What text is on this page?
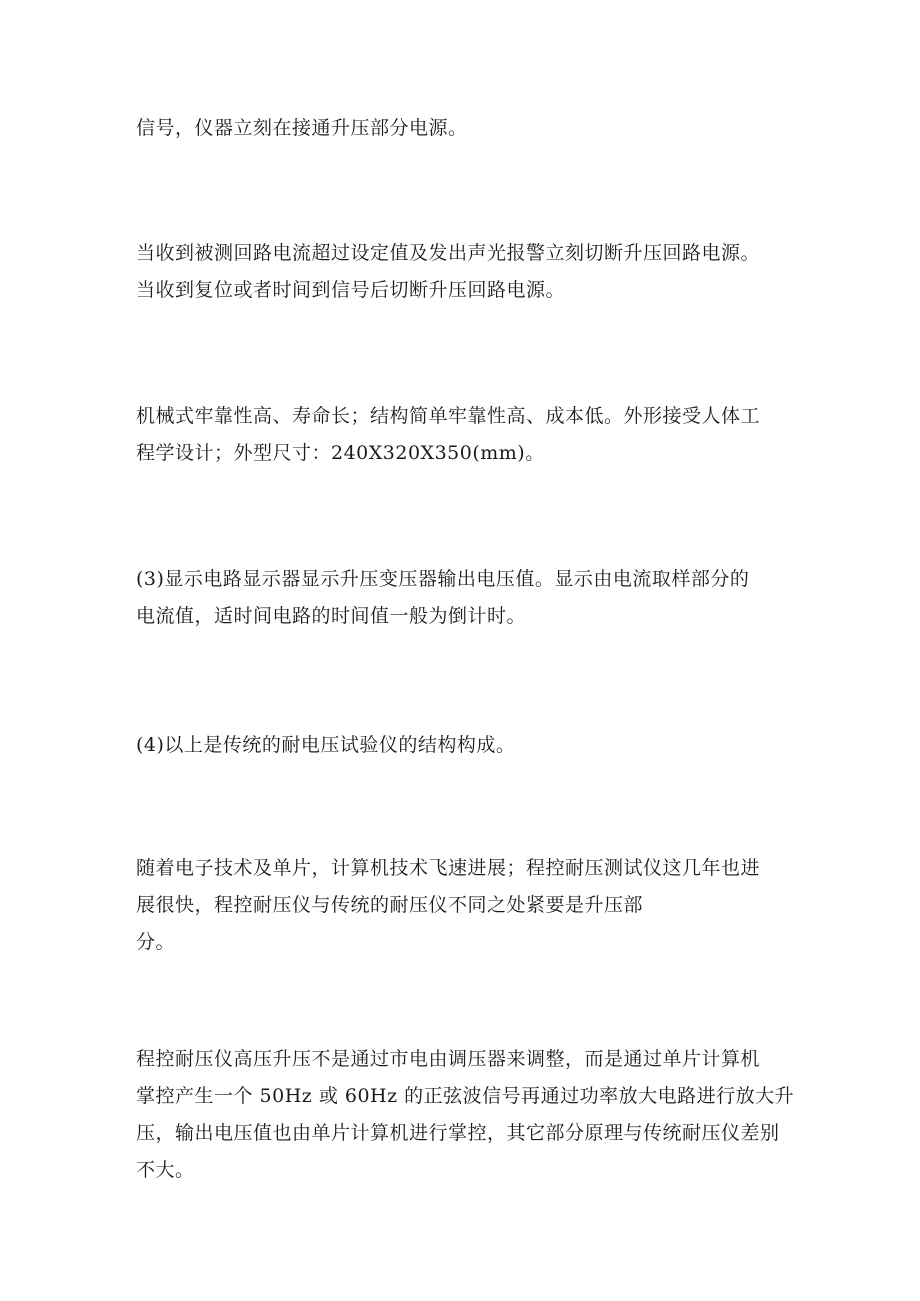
信号，仪器立刻在接通升压部分电源。

当收到被测回路电流超过设定值及发出声光报警立刻切断升压回路电源。
当收到复位或者时间到信号后切断升压回路电源。

机械式牢靠性高、寿命长；结构简单牢靠性高、成本低。外形接受人体工
程学设计；外型尺寸：240X320X350(mm)。

(3)显示电路显示器显示升压变压器输出电压值。显示由电流取样部分的
电流值，适时间电路的时间值一般为倒计时。

(4)以上是传统的耐电压试验仪的结构构成。

随着电子技术及单片，计算机技术飞速进展；程控耐压测试仪这几年也进
展很快，程控耐压仪与传统的耐压仪不同之处紧要是升压部
分。

程控耐压仪高压升压不是通过市电由调压器来调整，而是通过单片计算机
掌控产生一个 50Hz 或 60Hz 的正弦波信号再通过功率放大电路进行放大升
压，输出电压值也由单片计算机进行掌控，其它部分原理与传统耐压仪差别
不大。
